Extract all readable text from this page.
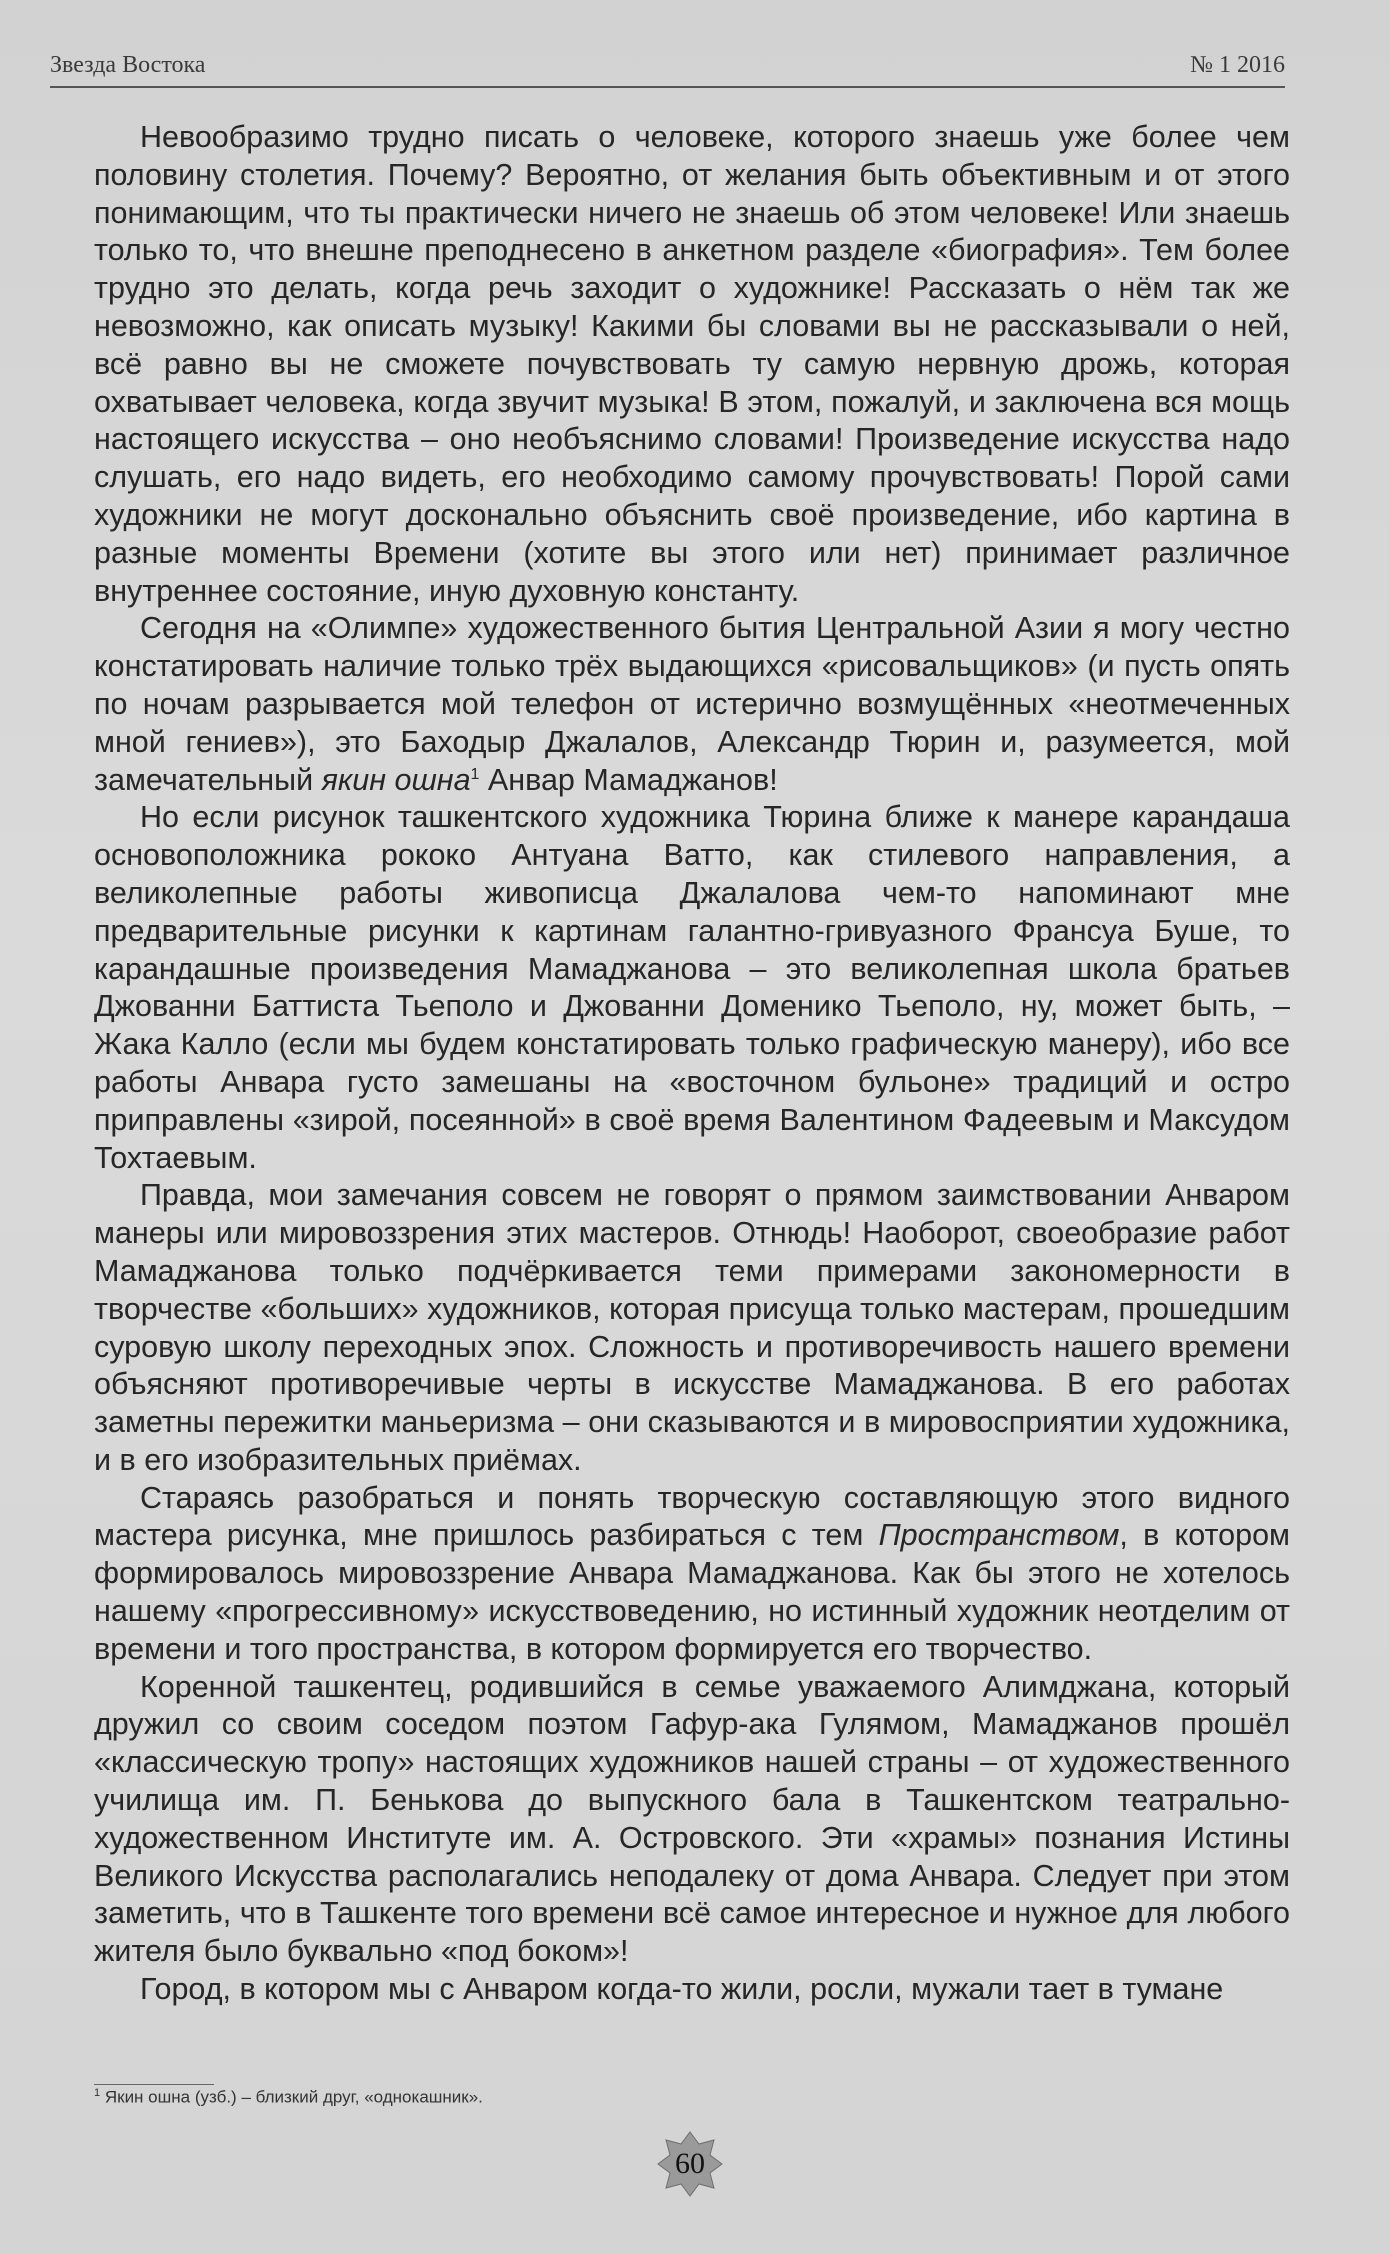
Звезда Востока	№ 1 2016

Невообразимо трудно писать о человеке, которого знаешь уже более чем половину столетия. Почему? Вероятно, от желания быть объективным и от этого понимающим, что ты практически ничего не знаешь об этом человеке! Или знаешь только то, что внешне преподнесено в анкетном разделе «биография». Тем более трудно это делать, когда речь заходит о художнике! Рассказать о нём так же невозможно, как описать музыку! Какими бы словами вы не рассказывали о ней, всё равно вы не сможете почувствовать ту самую нервную дрожь, которая охватывает человека, когда звучит музыка! В этом, пожалуй, и заключена вся мощь настоящего искусства – оно необъяснимо словами! Произведение искусства надо слушать, его надо видеть, его необходимо самому прочувствовать! Порой сами художники не могут досконально объяснить своё произведение, ибо картина в разные моменты Времени (хотите вы этого или нет) принимает различное внутреннее состояние, иную духовную константу.

Сегодня на «Олимпе» художественного бытия Центральной Азии я могу честно констатировать наличие только трёх выдающихся «рисовальщиков» (и пусть опять по ночам разрывается мой телефон от истерично возмущённых «неотмеченных мной гениев»), это Баходыр Джалалов, Александр Тюрин и, разумеется, мой замечательный якин ошна$^1$ Анвар Мамаджанов!

Но если рисунок ташкентского художника Тюрина ближе к манере карандаша основоположника рококо Антуана Ватто, как стилевого направления, а великолепные работы живописца Джалалова чем-то напоминают мне предварительные рисунки к картинам галантно-гривуазного Франсуа Буше, то карандашные произведения Мамаджанова – это великолепная школа братьев Джованни Баттиста Тьеполо и Джованни Доменико Тьеполо, ну, может быть, – Жака Калло (если мы будем констатировать только графическую манеру), ибо все работы Анвара густо замешаны на «восточном бульоне» традиций и остро приправлены «зирой, посеянной» в своё время Валентином Фадеевым и Максудом Тохтаевым.

Правда, мои замечания совсем не говорят о прямом заимствовании Анваром манеры или мировоззрения этих мастеров. Отнюдь! Наоборот, своеобразие работ Мамаджанова только подчёркивается теми примерами закономерности в творчестве «больших» художников, которая присуща только мастерам, прошедшим суровую школу переходных эпох. Сложность и противоречивость нашего времени объясняют противоречивые черты в искусстве Мамаджанова. В его работах заметны пережитки маньеризма – они сказываются и в мировосприятии художника, и в его изобразительных приёмах.

Стараясь разобраться и понять творческую составляющую этого видного мастера рисунка, мне пришлось разбираться с тем Пространством, в котором формировалось мировоззрение Анвара Мамаджанова. Как бы этого не хотелось нашему «прогрессивному» искусствоведению, но истинный художник неотделим от времени и того пространства, в котором формируется его творчество.

Коренной ташкентец, родившийся в семье уважаемого Алимджана, который дружил со своим соседом поэтом Гафур-ака Гулямом, Мамаджанов прошёл «классическую тропу» настоящих художников нашей страны – от художественного училища им. П. Бенькова до выпускного бала в Ташкентском театрально-художественном Институте им. А. Островского. Эти «храмы» познания Истины Великого Искусства располагались неподалеку от дома Анвара. Следует при этом заметить, что в Ташкенте того времени всё самое интересное и нужное для любого жителя было буквально «под боком»!

Город, в котором мы с Анваром когда-то жили, росли, мужали тает в тумане

$^1$ Якин ошна (узб.) – близкий друг, «однокашник».
60
